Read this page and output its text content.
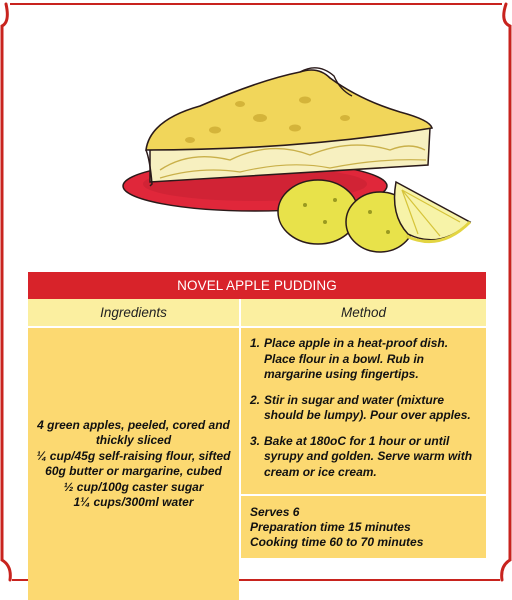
NOVEL APPLE PUDDING
Ingredients
4 green apples, peeled, cored and thickly sliced
¼ cup/45g self-raising flour, sifted
60g butter or margarine, cubed
½ cup/100g caster sugar
1¼ cups/300ml water
Method
1. Place apple in a heat-proof dish. Place flour in a bowl. Rub in margarine using fingertips.
2. Stir in sugar and water (mixture should be lumpy). Pour over apples.
3. Bake at 180oC for 1 hour or until syrupy and golden. Serve warm with cream or ice cream.
Serves 6
Preparation time 15 minutes
Cooking time 60 to 70 minutes
